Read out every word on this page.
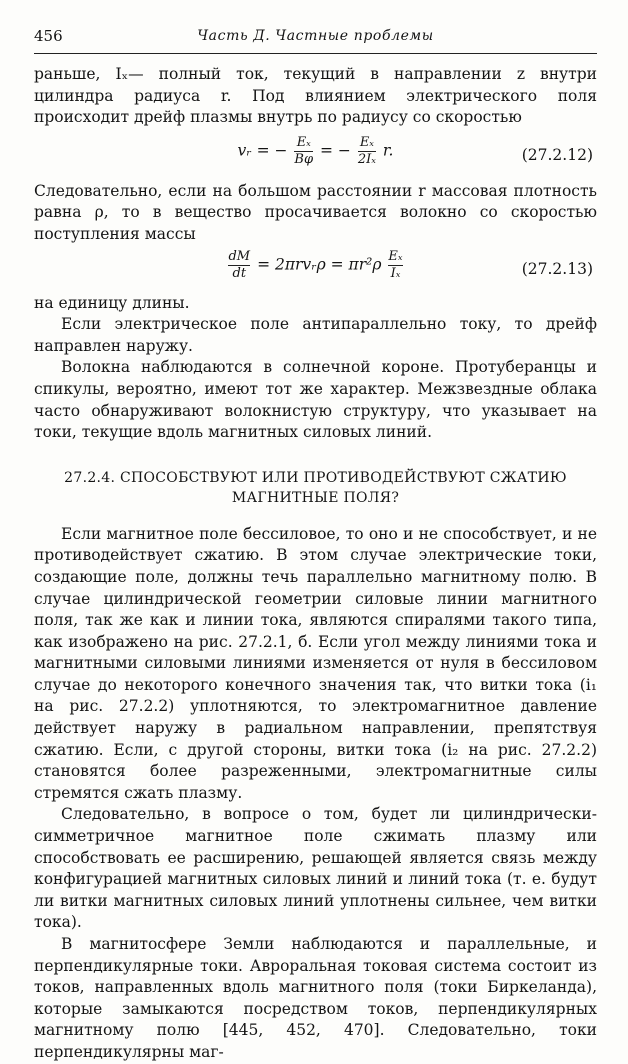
456	Часть Д. Частные проблемы

раньше, Iₓ— полный ток, текущий в направлении z внутри цилиндра радиуса r. Под влиянием электрического поля происходит дрейф плазмы внутрь по радиусу со скоростью

vᵣ = − $\frac{\text{Eₓ}}{B\varphi}$ = − $\frac{\text{Eₓ}}{\text{2Iₓ}} r$.	(27.2.12)

Следовательно, если на большом расстоянии r массовая плотность равна ρ, то в вещество просачивается волокно со скоростью поступления массы

$\frac{dM}{dt}$ = 2πrvᵣρ = $\pi r^2\rho \frac{\text{Eₓ}}{\text{Iₓ}}$	(27.2.13)

на единицу длины.

Если электрическое поле антипараллельно току, то дрейф направлен наружу.

Волокна наблюдаются в солнечной короне. Протуберанцы и спикулы, вероятно, имеют тот же характер. Межзвездные облака часто обнаруживают волокнистую структуру, что указывает на токи, текущие вдоль магнитных силовых линий.

27.2.4. СПОСОБСТВУЮТ ИЛИ ПРОТИВОДЕЙСТВУЮТ СЖАТИЮ
МАГНИТНЫЕ ПОЛЯ?

Если магнитное поле бессиловое, то оно и не способствует, и не противодействует сжатию. В этом случае электрические токи, создающие поле, должны течь параллельно магнитному полю. В случае цилиндрической геометрии силовые линии магнитного поля, так же как и линии тока, являются спиралями такого типа, как изображено на рис. 27.2.1, б. Если угол между линиями тока и магнитными силовыми линиями изменяется от нуля в бессиловом случае до некоторого конечного значения так, что витки тока (i₁ на рис. 27.2.2) уплотняются, то электромагнитное давление действует наружу в радиальном направлении, препятствуя сжатию. Если, с другой стороны, витки тока (i₂ на рис. 27.2.2) становятся более разреженными, электромагнитные силы стремятся сжать плазму.

Следовательно, в вопросе о том, будет ли цилиндрически-симметричное магнитное поле сжимать плазму или способствовать ее расширению, решающей является связь между конфигурацией магнитных силовых линий и линий тока (т. е. будут ли витки магнитных силовых линий уплотнены сильнее, чем витки тока).

В магнитосфере Земли наблюдаются и параллельные, и перпендикулярные токи. Авроральная токовая система состоит из токов, направленных вдоль магнитного поля (токи Биркеланда), которые замыкаются посредством токов, перпендикулярных магнитному полю [445, 452, 470]. Следовательно, токи перпендикулярны маг-
